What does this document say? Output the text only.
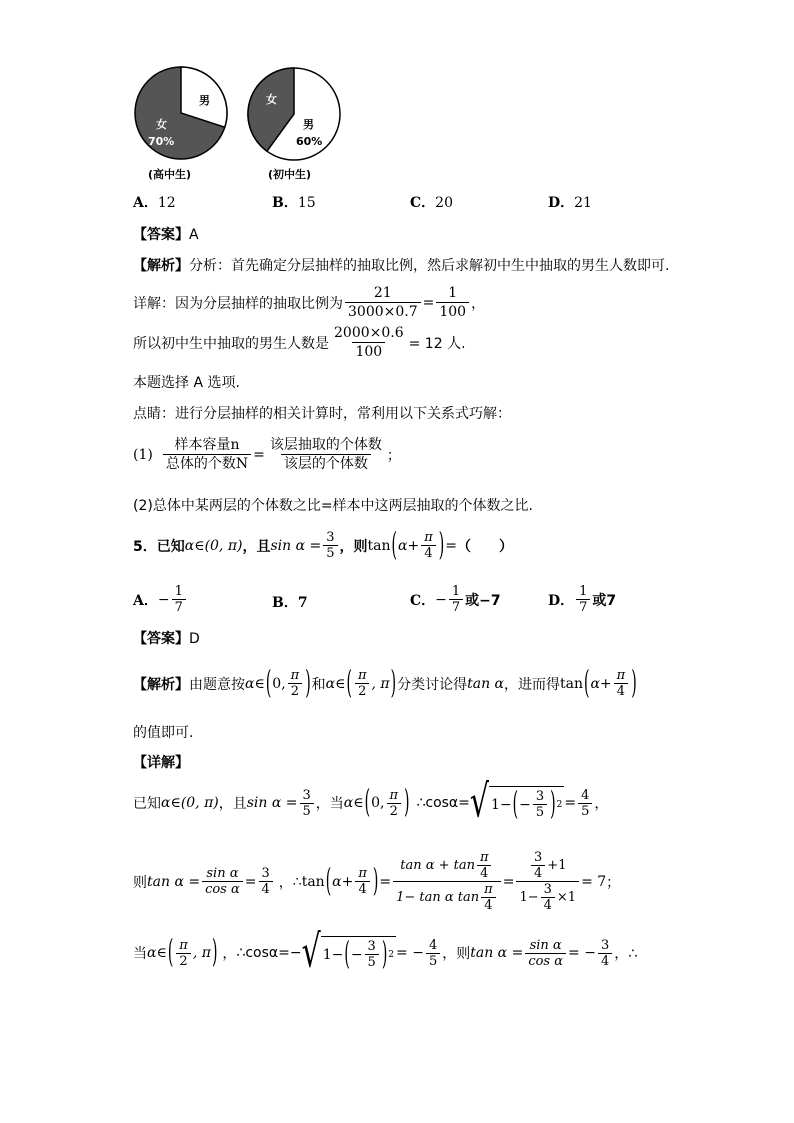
男
女
70%
女
男
60%
(高中生)	(初中生)
A．12	B．15	C．20	D．21
【答案】A
【解析】分析：首先确定分层抽样的抽取比例，然后求解初中生中抽取的男生人数即可.
详解：因为分层抽样的抽取比例为 $\frac{21}{3000\times 0.7} = \frac{1}{100}$ ，
所以初中生中抽取的男生人数是 $\frac{2000\times 0.6}{100} = 12$ 人.
本题选择 A 选项.
点睛：进行分层抽样的相关计算时，常利用以下关系式巧解：
$(1) \frac{\text{样本容量n}}{\text{总体的个数N}} = \frac{\text{该层抽取的个体数}}{\text{该层的个体数}}$ ；
(2)总体中某两层的个体数之比=样本中这两层抽取的个体数之比.
5．已知 α∈(0, π) ，且 $\sin \alpha = \frac{3}{5}$ ，则 tan ( $\alpha+ \frac{\pi}{4}$ ) = （　　）
A． − $\frac{1}{7}$	B．7	C． − $\frac{1}{7}$ 或−7	D． $\frac{1}{7}$ 或7
【答案】D
【解析】 由题意按 α∈ ( 0, $\frac{\pi}{2}$ ) 和 α∈ ( $\frac{\pi}{2}$ , π ) 分类讨论得 tan α ，进而得 tan ( $\alpha+ \frac{\pi}{4}$ )
的值即可.
【详解】
已知 α∈(0, π) ，且 $\sin \alpha = \frac{3}{5}$ ，当 α∈ ( 0, $\frac{\pi}{2}$ ) ∴cosα= √ 1− ( − $\frac{3}{5}$ ) $2 = \frac{4}{5}$ ，
则 $\tan \alpha = \frac{\text{sin α}}{\text{cos α}} = \frac{3}{4}$ ， ∴tan ( $\alpha+ \frac{\pi}{4}$ ) = $\frac{\tan \alpha + \tan \frac{\pi}{4}}{1- \tan \alpha \tan \frac{\pi}{4}} = \frac{\frac{3}{4} +1}{1- \frac{3}{4} \times 1} = 7$ ；
当 α∈ ( $\frac{\pi}{2}$ , π ) ， ∴cosα=− √ 1− ( − $\frac{3}{5}$ ) 2 = − $\frac{4}{5}$ ，则 $\tan \alpha = \frac{\text{sin α}}{\text{cos α}}$ = − $\frac{3}{4}$ ，∴
